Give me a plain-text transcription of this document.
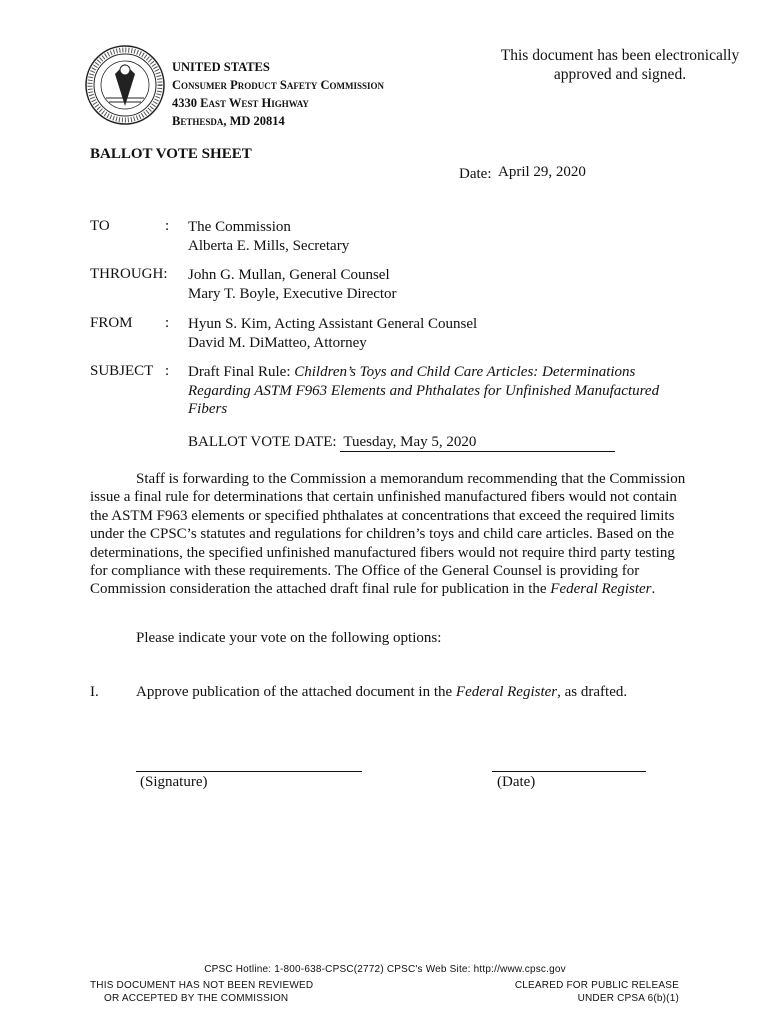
UNITED STATES
Consumer Product Safety Commission
4330 East West Highway
Bethesda, MD 20814
This document has been electronically approved and signed.
BALLOT VOTE SHEET
Date: April 29, 2020
TO	: The Commission
Alberta E. Mills, Secretary
THROUGH: John G. Mullan, General Counsel
Mary T. Boyle, Executive Director
FROM : Hyun S. Kim, Acting Assistant General Counsel
David M. DiMatteo, Attorney
SUBJECT : Draft Final Rule: Children’s Toys and Child Care Articles: Determinations Regarding ASTM F963 Elements and Phthalates for Unfinished Manufactured Fibers
BALLOT VOTE DATE: Tuesday, May 5, 2020
Staff is forwarding to the Commission a memorandum recommending that the Commission issue a final rule for determinations that certain unfinished manufactured fibers would not contain the ASTM F963 elements or specified phthalates at concentrations that exceed the required limits under the CPSC’s statutes and regulations for children’s toys and child care articles. Based on the determinations, the specified unfinished manufactured fibers would not require third party testing for compliance with these requirements. The Office of the General Counsel is providing for Commission consideration the attached draft final rule for publication in the Federal Register.
Please indicate your vote on the following options:
I. Approve publication of the attached document in the Federal Register, as drafted.
(Signature)	(Date)
CPSC Hotline: 1-800-638-CPSC(2772) CPSC's Web Site: http://www.cpsc.gov
THIS DOCUMENT HAS NOT BEEN REVIEWED
OR ACCEPTED BY THE COMMISSION
CLEARED FOR PUBLIC RELEASE
UNDER CPSA 6(b)(1)
